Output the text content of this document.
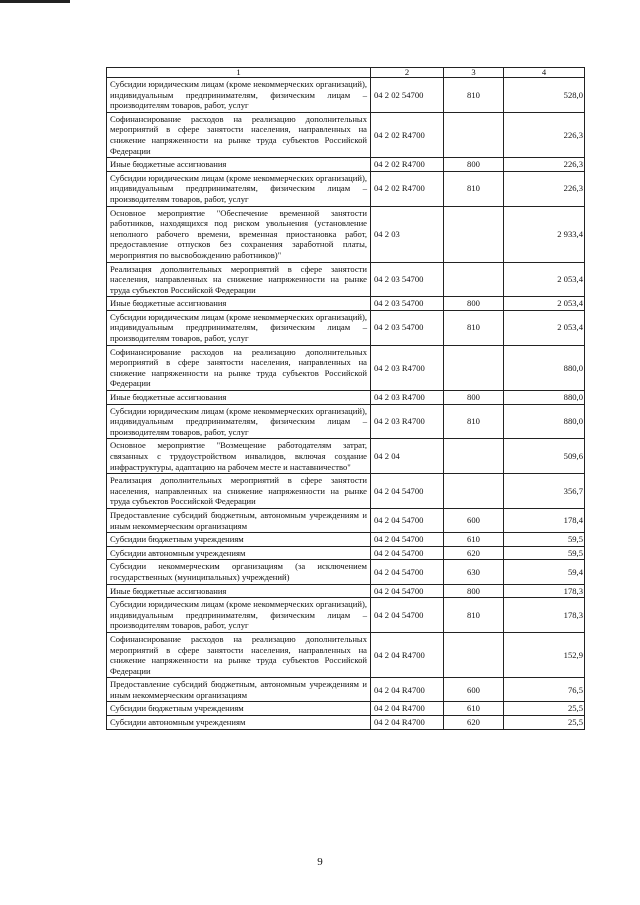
1	2	3	4
Субсидии юридическим лицам (кроме некоммерческих организаций), индивидуальным предпринимателям, физическим лицам – производителям товаров, работ, услуг	04 2 02 54700	810	528,0
Софинансирование расходов на реализацию дополнительных мероприятий в сфере занятости населения, направленных на снижение напряженности на рынке труда субъектов Российской Федерации	04 2 02 R4700		226,3
Иные бюджетные ассигнования	04 2 02 R4700	800	226,3
Субсидии юридическим лицам (кроме некоммерческих организаций), индивидуальным предпринимателям, физическим лицам – производителям товаров, работ, услуг	04 2 02 R4700	810	226,3
Основное мероприятие "Обеспечение временной занятости работников, находящихся под риском увольнения (установление неполного рабочего времени, временная приостановка работ, предоставление отпусков без сохранения заработной платы, мероприятия по высвобождению работников)"	04 2 03		2 933,4
Реализация дополнительных мероприятий в сфере занятости населения, направленных на снижение напряженности на рынке труда субъектов Российской Федерации	04 2 03 54700		2 053,4
Иные бюджетные ассигнования	04 2 03 54700	800	2 053,4
Субсидии юридическим лицам (кроме некоммерческих организаций), индивидуальным предпринимателям, физическим лицам – производителям товаров, работ, услуг	04 2 03 54700	810	2 053,4
Софинансирование расходов на реализацию дополнительных мероприятий в сфере занятости населения, направленных на снижение напряженности на рынке труда субъектов Российской Федерации	04 2 03 R4700		880,0
Иные бюджетные ассигнования	04 2 03 R4700	800	880,0
Субсидии юридическим лицам (кроме некоммерческих организаций), индивидуальным предпринимателям, физическим лицам – производителям товаров, работ, услуг	04 2 03 R4700	810	880,0
Основное мероприятие "Возмещение работодателям затрат, связанных с трудоустройством инвалидов, включая создание инфраструктуры, адаптацию на рабочем месте и наставничество"	04 2 04		509,6
Реализация дополнительных мероприятий в сфере занятости населения, направленных на снижение напряженности на рынке труда субъектов Российской Федерации	04 2 04 54700		356,7
Предоставление субсидий бюджетным, автономным учреждениям и иным некоммерческим организациям	04 2 04 54700	600	178,4
Субсидии бюджетным учреждениям	04 2 04 54700	610	59,5
Субсидии автономным учреждениям	04 2 04 54700	620	59,5
Субсидии некоммерческим организациям (за исключением государственных (муниципальных) учреждений)	04 2 04 54700	630	59,4
Иные бюджетные ассигнования	04 2 04 54700	800	178,3
Субсидии юридическим лицам (кроме некоммерческих организаций), индивидуальным предпринимателям, физическим лицам – производителям товаров, работ, услуг	04 2 04 54700	810	178,3
Софинансирование расходов на реализацию дополнительных мероприятий в сфере занятости населения, направленных на снижение напряженности на рынке труда субъектов Российской Федерации	04 2 04 R4700		152,9
Предоставление субсидий бюджетным, автономным учреждениям и иным некоммерческим организациям	04 2 04 R4700	600	76,5
Субсидии бюджетным учреждениям	04 2 04 R4700	610	25,5
Субсидии автономным учреждениям	04 2 04 R4700	620	25,5
9
